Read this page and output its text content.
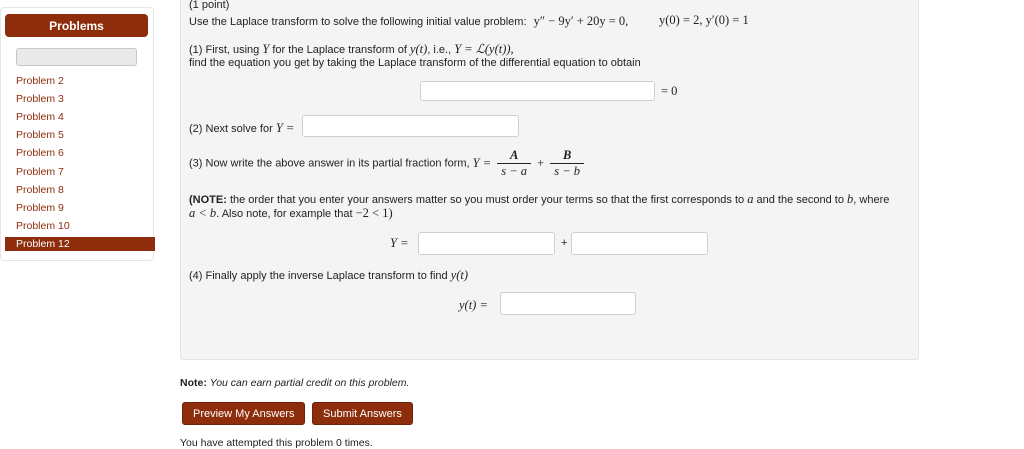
Problems
Problem 2
Problem 3
Problem 4
Problem 5
Problem 6
Problem 7
Problem 8
Problem 9
Problem 10
Problem 12
(1 point)
Use the Laplace transform to solve the following initial value problem: y″ − 9y′ + 20y = 0, y(0) = 2, y′(0) = 1
(1) First, using Y for the Laplace transform of y(t), i.e., Y = ℒ(y(t)),
find the equation you get by taking the Laplace transform of the differential equation to obtain
= 0
(2) Next solve for Y =
(3) Now write the above answer in its partial fraction form, $Y = \frac{A}{s - a} + \frac{B}{s - b}$
(NOTE: the order that you enter your answers matter so you must order your terms so that the first corresponds to a and the second to b, where
a < b. Also note, for example that −2 < 1)
Y =	+
(4) Finally apply the inverse Laplace transform to find y(t)
y(t) =
Note: You can earn partial credit on this problem.
Preview My Answers	Submit Answers
You have attempted this problem 0 times.
